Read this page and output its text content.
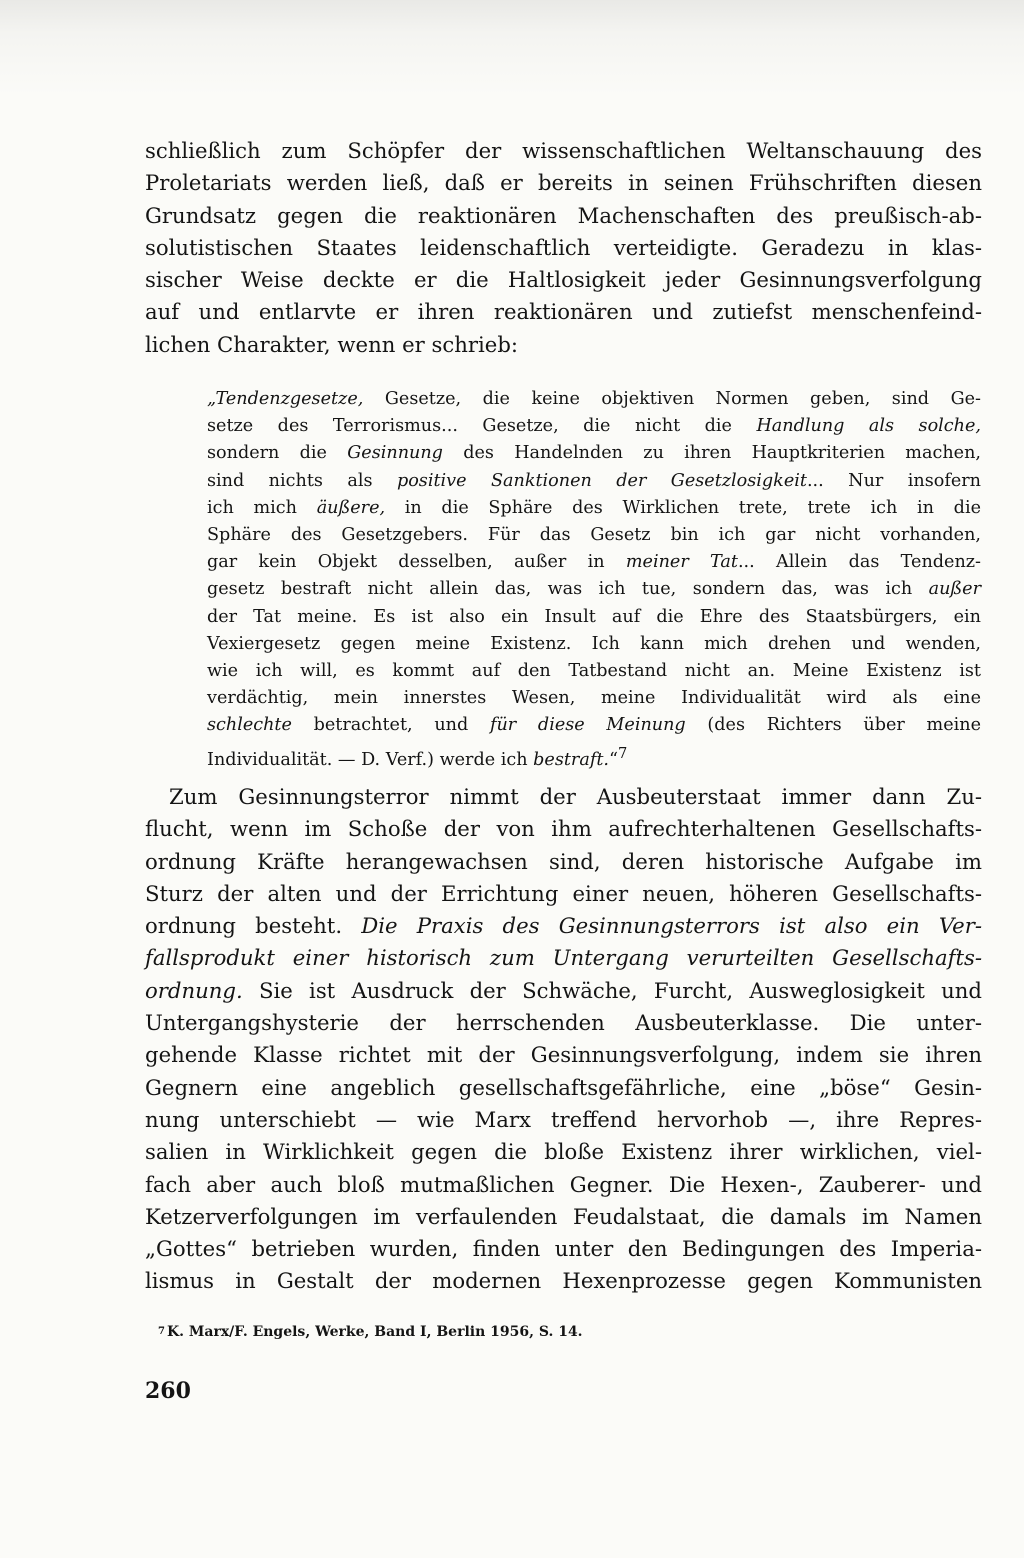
schließlich zum Schöpfer der wissenschaftlichen Weltanschauung des
Proletariats werden ließ, daß er bereits in seinen Frühschriften diesen
Grundsatz gegen die reaktionären Machenschaften des preußisch-ab-
solutistischen Staates leidenschaftlich verteidigte. Geradezu in klas-
sischer Weise deckte er die Haltlosigkeit jeder Gesinnungsverfolgung
auf und entlarvte er ihren reaktionären und zutiefst menschenfeind-
lichen Charakter, wenn er schrieb:

„Tendenzgesetze, Gesetze, die keine objektiven Normen geben, sind Ge-
setze des Terrorismus... Gesetze, die nicht die Handlung als solche,
sondern die Gesinnung des Handelnden zu ihren Hauptkriterien machen,
sind nichts als positive Sanktionen der Gesetzlosigkeit... Nur insofern
ich mich äußere, in die Sphäre des Wirklichen trete, trete ich in die
Sphäre des Gesetzgebers. Für das Gesetz bin ich gar nicht vorhanden,
gar kein Objekt desselben, außer in meiner Tat... Allein das Tendenz-
gesetz bestraft nicht allein das, was ich tue, sondern das, was ich außer
der Tat meine. Es ist also ein Insult auf die Ehre des Staatsbürgers, ein
Vexiergesetz gegen meine Existenz. Ich kann mich drehen und wenden,
wie ich will, es kommt auf den Tatbestand nicht an. Meine Existenz ist
verdächtig, mein innerstes Wesen, meine Individualität wird als eine
schlechte betrachtet, und für diese Meinung (des Richters über meine
Individualität. — D. Verf.) werde ich bestraft.“$^7$

Zum Gesinnungsterror nimmt der Ausbeuterstaat immer dann Zu-
flucht, wenn im Schoße der von ihm aufrechterhaltenen Gesellschafts-
ordnung Kräfte herangewachsen sind, deren historische Aufgabe im
Sturz der alten und der Errichtung einer neuen, höheren Gesellschafts-
ordnung besteht. Die Praxis des Gesinnungsterrors ist also ein Ver-
fallsprodukt einer historisch zum Untergang verurteilten Gesellschafts-
ordnung. Sie ist Ausdruck der Schwäche, Furcht, Ausweglosigkeit und
Untergangshysterie der herrschenden Ausbeuterklasse. Die unter-
gehende Klasse richtet mit der Gesinnungsverfolgung, indem sie ihren
Gegnern eine angeblich gesellschaftsgefährliche, eine „böse“ Gesin-
nung unterschiebt — wie Marx treffend hervorhob —, ihre Repres-
salien in Wirklichkeit gegen die bloße Existenz ihrer wirklichen, viel-
fach aber auch bloß mutmaßlichen Gegner. Die Hexen-, Zauberer- und
Ketzerverfolgungen im verfaulenden Feudalstaat, die damals im Namen
„Gottes“ betrieben wurden, finden unter den Bedingungen des Imperia-
lismus in Gestalt der modernen Hexenprozesse gegen Kommunisten

$^7$ K. Marx/F. Engels, Werke, Band I, Berlin 1956, S. 14.
260
